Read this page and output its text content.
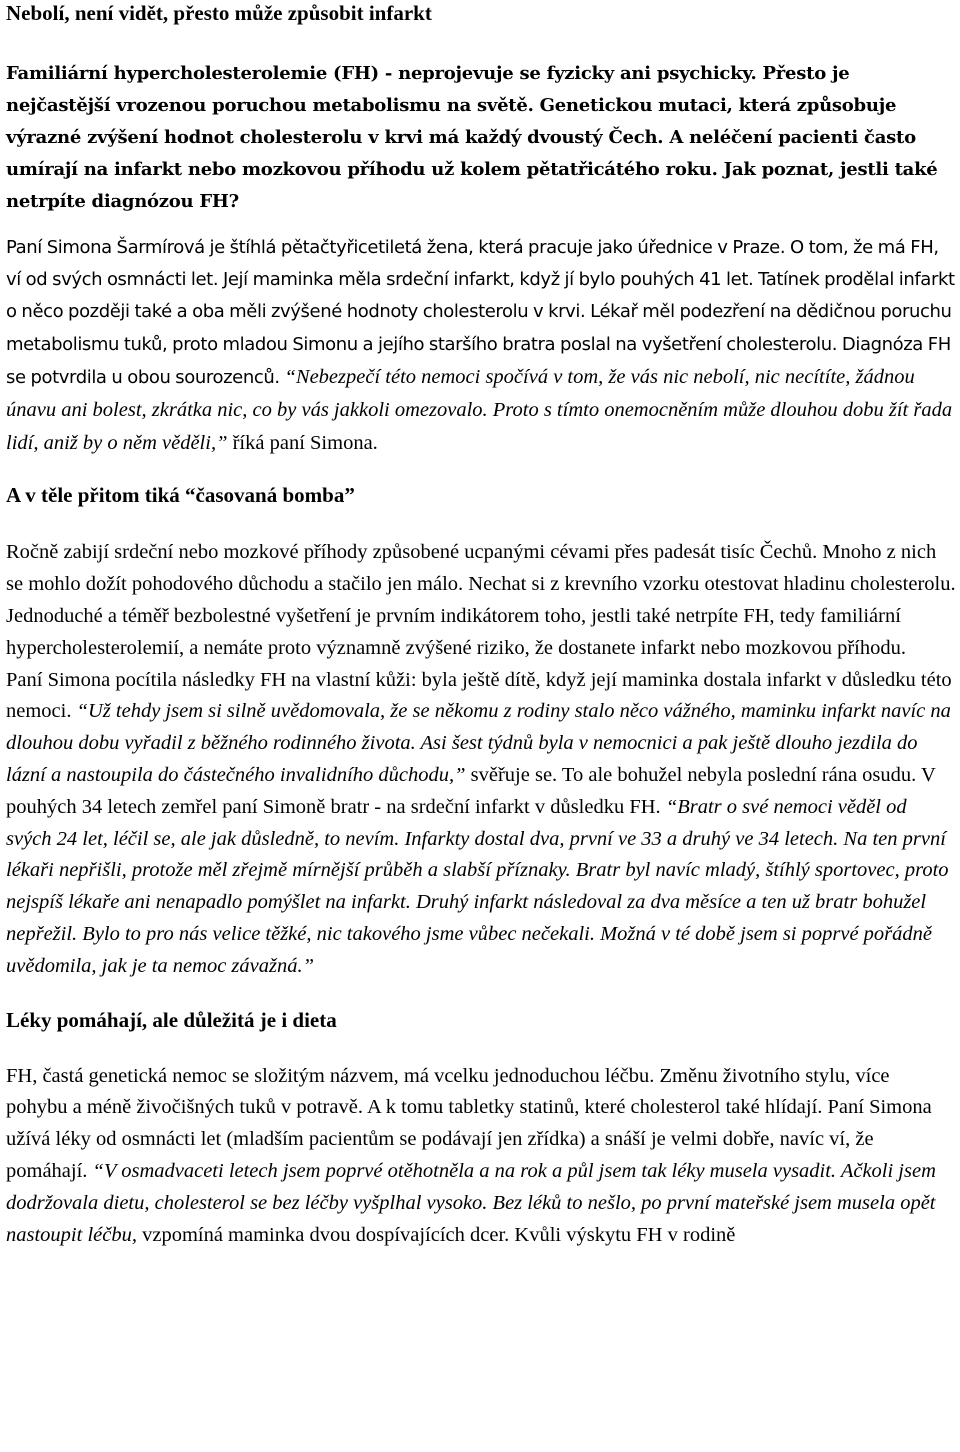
Nebolí, není vidět, přesto může způsobit infarkt

Familiární hypercholesterolemie (FH) - neprojevuje se fyzicky ani psychicky. Přesto je nejčastější vrozenou poruchou metabolismu na světě. Genetickou mutaci, která způsobuje výrazné zvýšení hodnot cholesterolu v krvi má každý dvoustý Čech. A neléčení pacienti často umírají na infarkt nebo mozkovou příhodu už kolem pětatřicátého roku. Jak poznat, jestli také netrpíte diagnózou FH?

Paní Simona Šarmírová je štíhlá pětačtyřicetiletá žena, která pracuje jako úřednice v Praze. O tom, že má FH, ví od svých osmnácti let. Její maminka měla srdeční infarkt, když jí bylo pouhých 41 let. Tatínek prodělal infarkt o něco později také a oba měli zvýšené hodnoty cholesterolu v krvi. Lékař měl podezření na dědičnou poruchu metabolismu tuků, proto mladou Simonu a jejího staršího bratra poslal na vyšetření cholesterolu. Diagnóza FH se potvrdila u obou sourozenců. “Nebezpečí této nemoci spočívá v tom, že vás nic nebolí, nic necítíte, žádnou únavu ani bolest, zkrátka nic, co by vás jakkoli omezovalo. Proto s tímto onemocněním může dlouhou dobu žít řada lidí, aniž by o něm věděli,” říká paní Simona.

A v těle přitom tiká “časovaná bomba”

Ročně zabijí srdeční nebo mozkové příhody způsobené ucpanými cévami přes padesát tisíc Čechů. Mnoho z nich se mohlo dožít pohodového důchodu a stačilo jen málo. Nechat si z krevního vzorku otestovat hladinu cholesterolu. Jednoduché a téměř bezbolestné vyšetření je prvním indikátorem toho, jestli také netrpíte FH, tedy familiární hypercholesterolemií, a nemáte proto významně zvýšené riziko, že dostanete infarkt nebo mozkovou příhodu.
Paní Simona pocítila následky FH na vlastní kůži: byla ještě dítě, když její maminka dostala infarkt v důsledku této nemoci. “Už tehdy jsem si silně uvědomovala, že se někomu z rodiny stalo něco vážného, maminku infarkt navíc na dlouhou dobu vyřadil z běžného rodinného života. Asi šest týdnů byla v nemocnici a pak ještě dlouho jezdila do lázní a nastoupila do částečného invalidního důchodu,” svěřuje se. To ale bohužel nebyla poslední rána osudu. V pouhých 34 letech zemřel paní Simoně bratr - na srdeční infarkt v důsledku FH. “Bratr o své nemoci věděl od svých 24 let, léčil se, ale jak důsledně, to nevím. Infarkty dostal dva, první ve 33 a druhý ve 34 letech. Na ten první lékaři nepřišli, protože měl zřejmě mírnější průběh a slabší příznaky. Bratr byl navíc mladý, štíhlý sportovec, proto nejspíš lékaře ani nenapadlo pomýšlet na infarkt. Druhý infarkt následoval za dva měsíce a ten už bratr bohužel nepřežil. Bylo to pro nás velice těžké, nic takového jsme vůbec nečekali. Možná v té době jsem si poprvé pořádně uvědomila, jak je ta nemoc závažná.”

Léky pomáhají, ale důležitá je i dieta

FH, častá genetická nemoc se složitým názvem, má vcelku jednoduchou léčbu. Změnu životního stylu, více pohybu a méně živočišných tuků v potravě. A k tomu tabletky statinů, které cholesterol také hlídají. Paní Simona užívá léky od osmnácti let (mladším pacientům se podávají jen zřídka) a snáší je velmi dobře, navíc ví, že pomáhají. “V osmadvaceti letech jsem poprvé otěhotněla a na rok a půl jsem tak léky musela vysadit. Ačkoli jsem dodržovala dietu, cholesterol se bez léčby vyšplhal vysoko. Bez léků to nešlo, po první mateřské jsem musela opět nastoupit léčbu, vzpomíná maminka dvou dospívajících dcer. Kvůli výskytu FH v rodině
